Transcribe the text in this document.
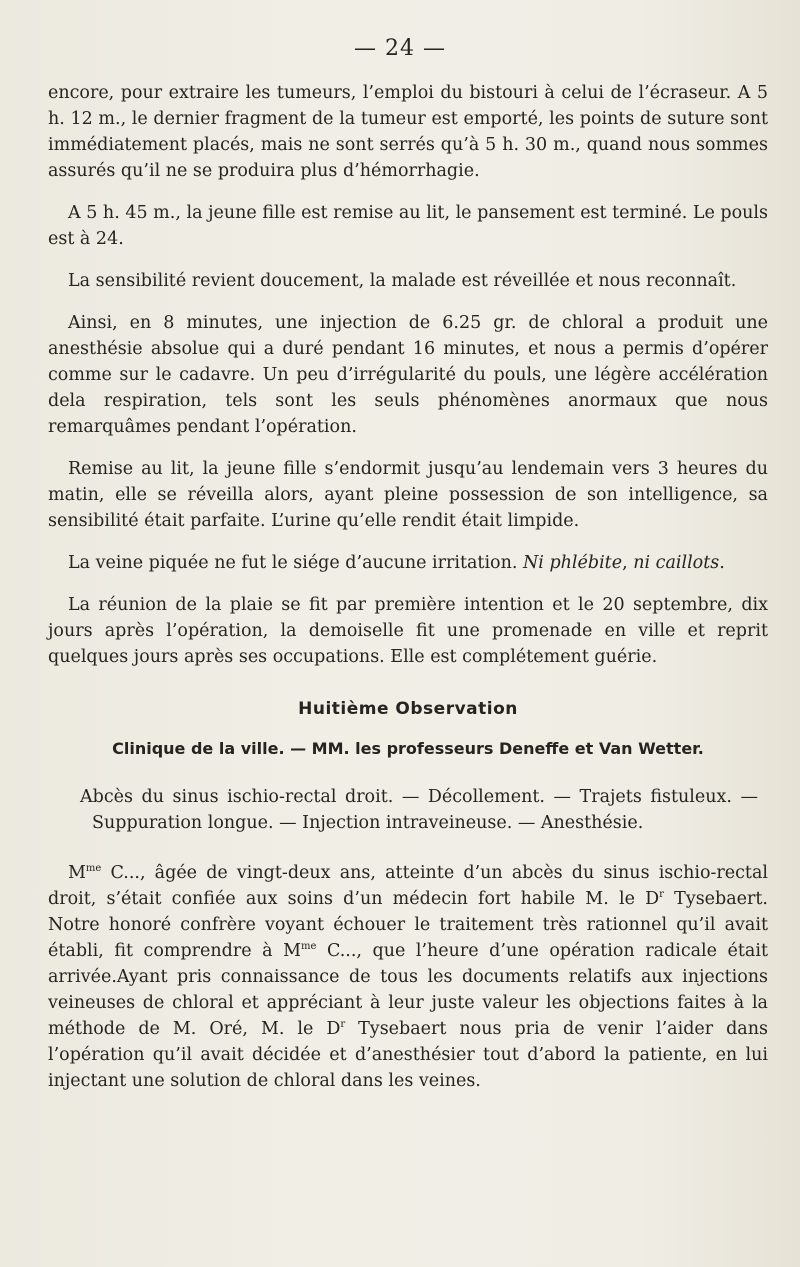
— 24 —

encore, pour extraire les tumeurs, l’emploi du bistouri à celui de l’écraseur. A 5 h. 12 m., le dernier fragment de la tumeur est emporté, les points de suture sont immédiatement placés, mais ne sont serrés qu’à 5 h. 30 m., quand nous sommes assurés qu’il ne se produira plus d’hémorrhagie.

A 5 h. 45 m., la jeune fille est remise au lit, le pansement est terminé. Le pouls est à 24.

La sensibilité revient doucement, la malade est réveillée et nous reconnaît.

Ainsi, en 8 minutes, une injection de 6.25 gr. de chloral a produit une anesthésie absolue qui a duré pendant 16 minutes, et nous a permis d’opérer comme sur le cadavre. Un peu d’irrégularité du pouls, une légère accélération dela respiration, tels sont les seuls phénomènes anormaux que nous remarquâmes pendant l’opération.

Remise au lit, la jeune fille s’endormit jusqu’au lendemain vers 3 heures du matin, elle se réveilla alors, ayant pleine possession de son intelligence, sa sensibilité était parfaite. L’urine qu’elle rendit était limpide.

La veine piquée ne fut le siége d’aucune irritation. Ni phlébite, ni caillots.

La réunion de la plaie se fit par première intention et le 20 septembre, dix jours après l’opération, la demoiselle fit une promenade en ville et reprit quelques jours après ses occupations. Elle est complétement guérie.

Huitième Observation
Clinique de la ville. — MM. les professeurs Deneffe et Van Wetter.

Abcès du sinus ischio-rectal droit. — Décollement. — Trajets fistuleux. — Suppuration longue. — Injection intraveineuse. — Anesthésie.

$M^{me}$ C..., âgée de vingt-deux ans, atteinte d’un abcès du sinus ischio-rectal droit, s’était confiée aux soins d’un médecin fort habile M. le $D^r$ Tysebaert. Notre honoré confrère voyant échouer le traitement très rationnel qu’il avait établi, fit comprendre à $M^{me}$ C..., que l’heure d’une opération radicale était arrivée.Ayant pris connaissance de tous les documents relatifs aux injections veineuses de chloral et appréciant à leur juste valeur les objections faites à la méthode de M. Oré, M. le $D^r$ Tysebaert nous pria de venir l’aider dans l’opération qu’il avait décidée et d’anesthésier tout d’abord la patiente, en lui injectant une solution de chloral dans les veines.
